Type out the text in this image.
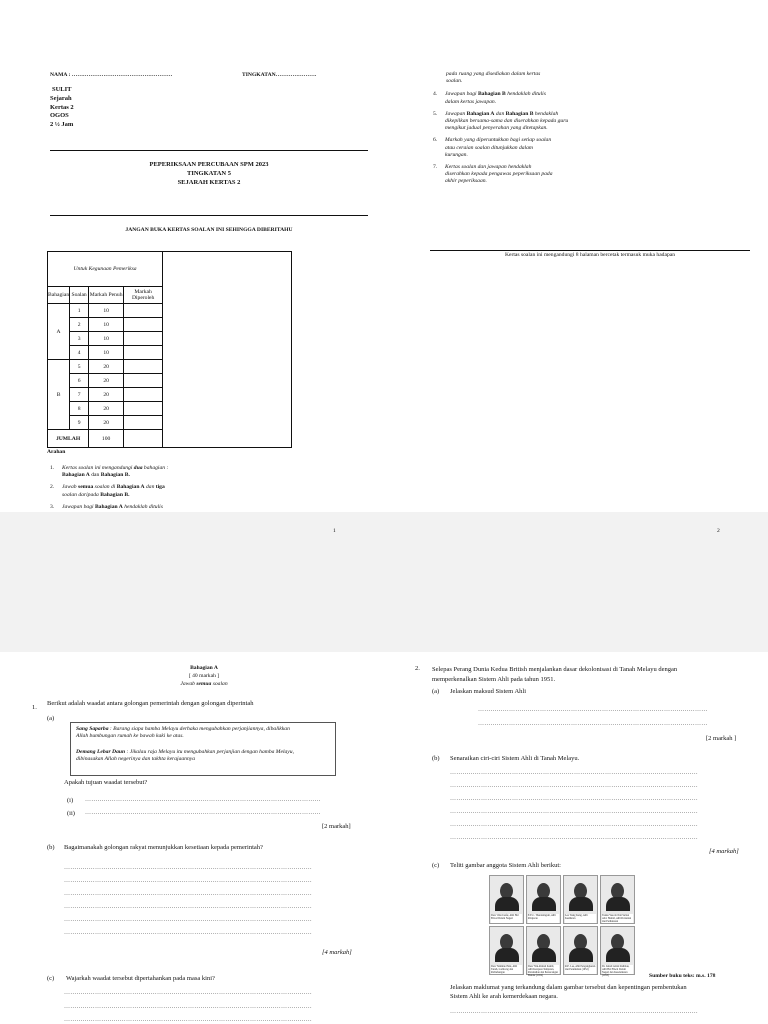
NAMA : ………………………………………………	TINGKATAN………………….
SULIT
Sejarah
Kertas 2
OGOS
2 ½ Jam
PEPERIKSAAN PERCUBAAN SPM 2023
TINGKATAN 5
SEJARAH KERTAS 2
JANGAN BUKA KERTAS SOALAN INI SEHINGGA DIBERITAHU
Untuk Kegunaan Pemeriksa				
Bahagian	Soalan	Markah Penuh	Markah Diperoleh	
A	1	10		
	2	10		
	3	10		
	4	10		
B	5	20		
	6	20		
	7	20		
	8	20		
	9	20		
JUMLAH		100		
Arahan
1.	Kertas soalan ini mengandungi dua bahagian :
Bahagian A dan Bahagian B.
2.	Jawab semua soalan di Bahagian A dan tiga
soalan daripada Bahagian B.
3.	Jawapan bagi Bahagian A hendaklah ditulis
1
pada ruang yang disediakan dalam kertas
soalan.
4.	Jawapan bagi Bahagian B hendaklah ditulis
dalam kertas jawapan.
5.	Jawapan Bahagian A dan Bahagian B hendaklah
dikepilkan bersama-sama dan diserahkan kepada guru
mengikut jadual penyerahan yang ditetapkan.
6.	Markah yang diperuntukkan bagi setiap soalan
atau ceraian soalan ditunjukkan dalam
kurungan.
7.	Kertas soalan dan jawapan hendaklah
diserahkan kepada pengawas peperiksaan pada
akhir peperiksaan.
Kertas soalan ini mengandungi 8 halaman bercetak termasuk muka hadapan
2
Bahagian A
[ 40 markah ]
Jawab semua soalan
1.
Berikut adalah waadat antara golongan pemerintah dengan golongan diperintah
(a)
Sang Saparba : Barang siapa hamba Melayu derhaka mengubahkan perjanjiannya, dibalikkan
Allah bumbungan rumah ke bawah kaki ke atas.
Demang Lebar Daun : Jikalau raja Melayu itu mengubahkan perjanjian dengan hamba Melayu,
dibinasakan Allah negerinya dan takhta kerajaannya
Apakah tujuan waadat tersebut?
(i) ……………………………………………………………………………………………………
(ii) ……………………………………………………………………………………………………
[2 markah]
(b) Bagaimanakah golongan rakyat menunjukkan kesetiaan kepada pemerintah?
…………………………………………………………………………………………………………
…………………………………………………………………………………………………………
…………………………………………………………………………………………………………
…………………………………………………………………………………………………………
…………………………………………………………………………………………………………
…………………………………………………………………………………………………………
[4 markah]
(c) Wajarkah waadat tersebut dipertahankan pada masa kini?
…………………………………………………………………………………………………………
…………………………………………………………………………………………………………
…………………………………………………………………………………………………………
2. Selepas Perang Dunia Kedua British menjalankan dasar dekolonisasi di Tanah Melayu dengan
memperkenalkan Sistem Ahli pada tahun 1951.
(a) Jelaskan maksud Sistem Ahli
…………………………………………………………………………………………………
…………………………………………………………………………………………………
[2 markah ]
(b) Senaraikan ciri-ciri Sistem Ahli di Tanah Melayu.
…………………………………………………………………………………………………………
…………………………………………………………………………………………………………
…………………………………………………………………………………………………………
…………………………………………………………………………………………………………
…………………………………………………………………………………………………………
…………………………………………………………………………………………………………
[4 markah]
(c) Teliti gambar anggota Sistem Ahli berikut:
Sumber buku teks: m.s. 178
Jelaskan maklumat yang terkandung dalam gambar tersebut dan kepentingan pembentukan
Sistem Ahli ke arah kemerdekaan negara.
…………………………………………………………………………………………………………
Dato' Onn Jaafar, Ahli Hal Ehwal Dalam Negeri
E.E.C. Thuraisingam, Ahli Pelajaran
Lee Tiang Keng, Ahli Kesihatan
Tunku Yaacob Ibni Sultan Abd. Hamid, Ahli Pertanian dan Perhutanan
Dato' Mahmud Mat, Ahli Tanah, Lombong dan Perhubungan
Dato' Nik Ahmad Kamil, Ahli Kerajaan Tempatan, Perumahan dan Perancangan Bandar (1952)
R.E. Lee, Ahli Pengangkutan dan Perumahan (1952)
Dr. Ismail Abdul Rahman, Ahli Hal Ehwal Dalam Negeri dan Keselamatan (1953)
